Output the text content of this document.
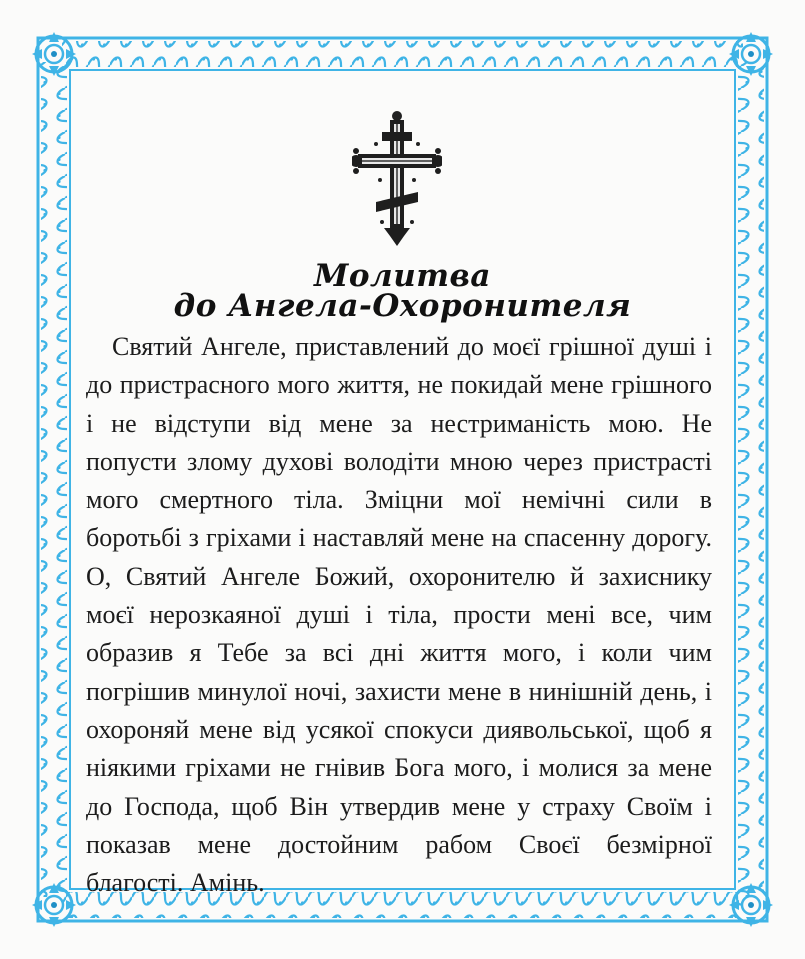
Молитва
до Ангела-Охоронителя

Святий Ангеле, приставлений до моєї грішної душі і до пристрасного мого життя, не покидай мене грішного і не відступи від мене за нестриманість мою. Не попусти злому духові володіти мною через пристрасті мого смертного тіла. Зміцни мої немічні сили в боротьбі з гріхами і наставляй мене на спасенну дорогу. О, Святий Ангеле Божий, охоронителю й захиснику моєї нерозкаяної душі і тіла, прости мені все, чим образив я Тебе за всі дні життя мого, і коли чим погрішив минулої ночі, захисти мене в нинішній день, і охороняй мене від усякої спокуси диявольської, щоб я ніякими гріхами не гнівив Бога мого, і молися за мене до Господа, щоб Він утвердив мене у страху Своїм і показав мене достойним рабом Своєї безмірної благості. Амінь.
